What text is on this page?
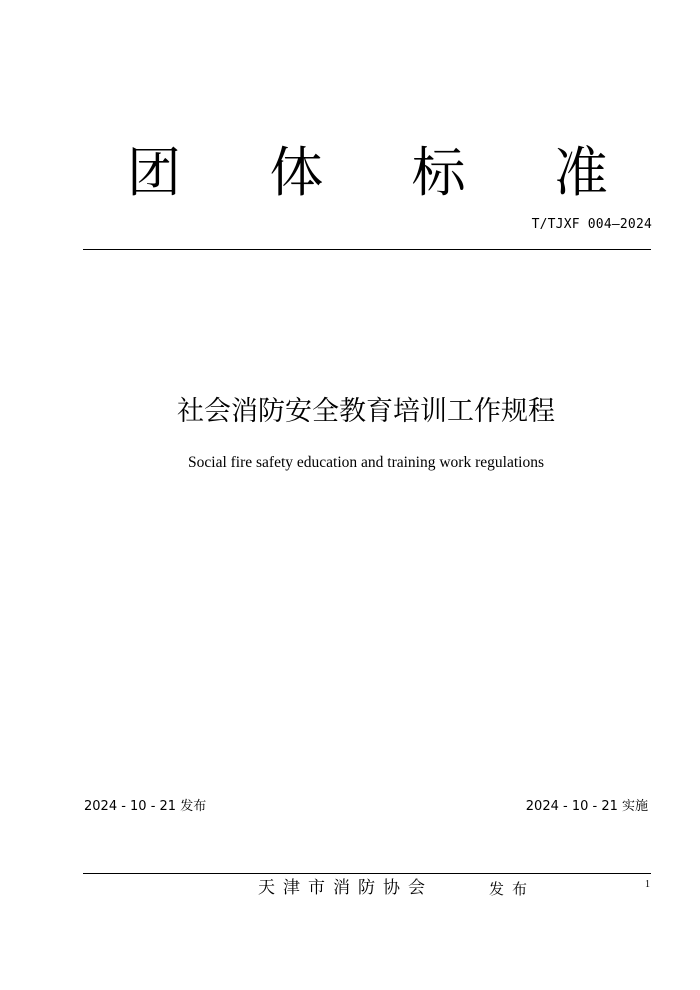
团	体	标	准
T/TJXF 004—2024
社会消防安全教育培训工作规程
Social fire safety education and training work regulations
2024 - 10 - 21 发布	2024 - 10 - 21 实施
天津市消防协会	发布	1
